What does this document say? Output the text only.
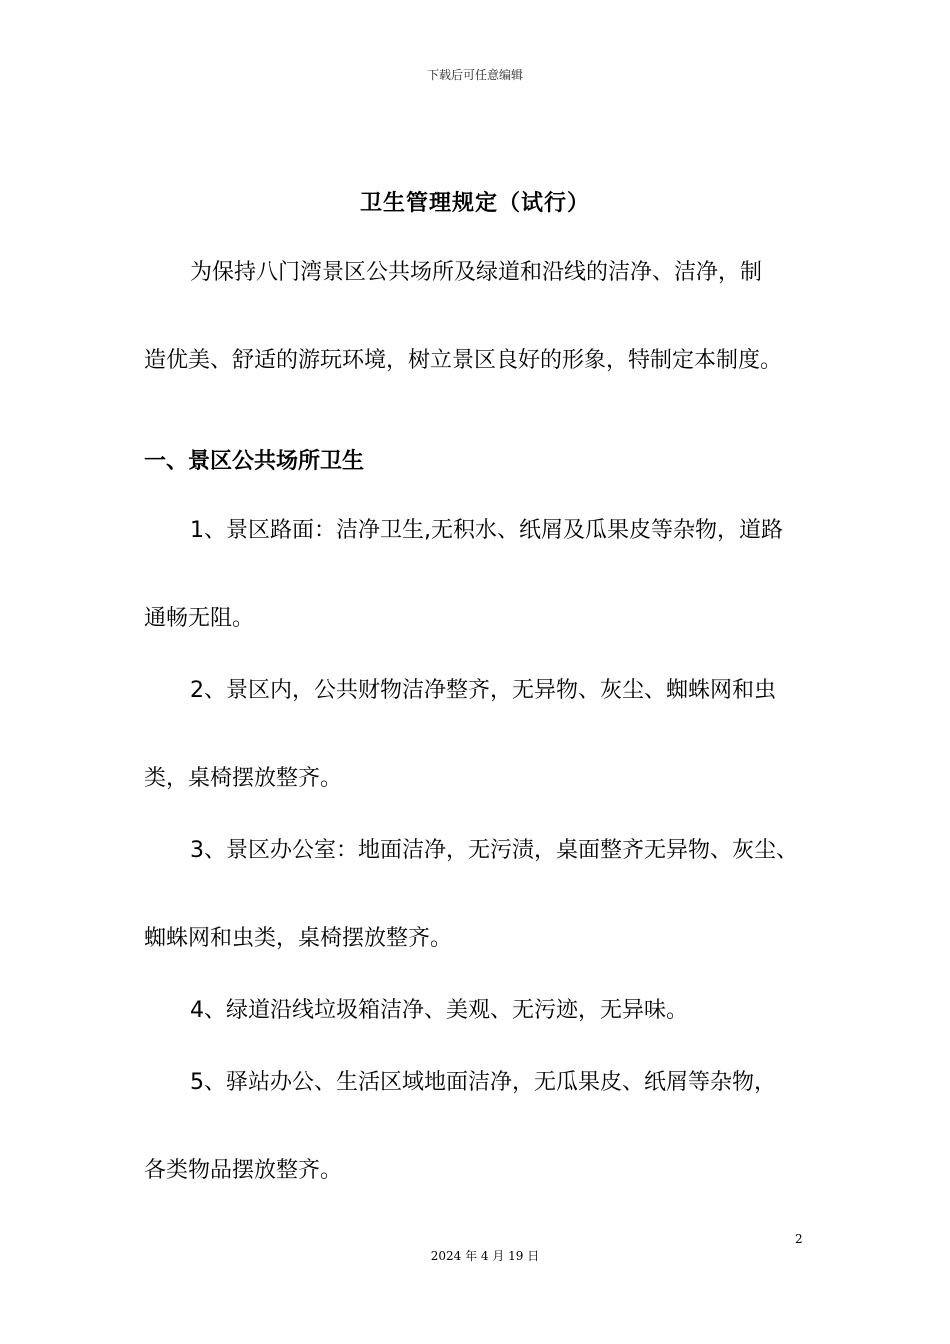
下载后可任意编辑
卫生管理规定（试行）
为保持八门湾景区公共场所及绿道和沿线的洁净、洁净，制
造优美、舒适的游玩环境，树立景区良好的形象，特制定本制度。
一、景区公共场所卫生
1、景区路面：洁净卫生,无积水、纸屑及瓜果皮等杂物，道路
通畅无阻。
2、景区内，公共财物洁净整齐，无异物、灰尘、蜘蛛网和虫
类，桌椅摆放整齐。
3、景区办公室：地面洁净，无污渍，桌面整齐无异物、灰尘、
蜘蛛网和虫类，桌椅摆放整齐。
4、绿道沿线垃圾箱洁净、美观、无污迹，无异味。
5、驿站办公、生活区域地面洁净，无瓜果皮、纸屑等杂物，
各类物品摆放整齐。
2
2024 年 4 月 19 日
